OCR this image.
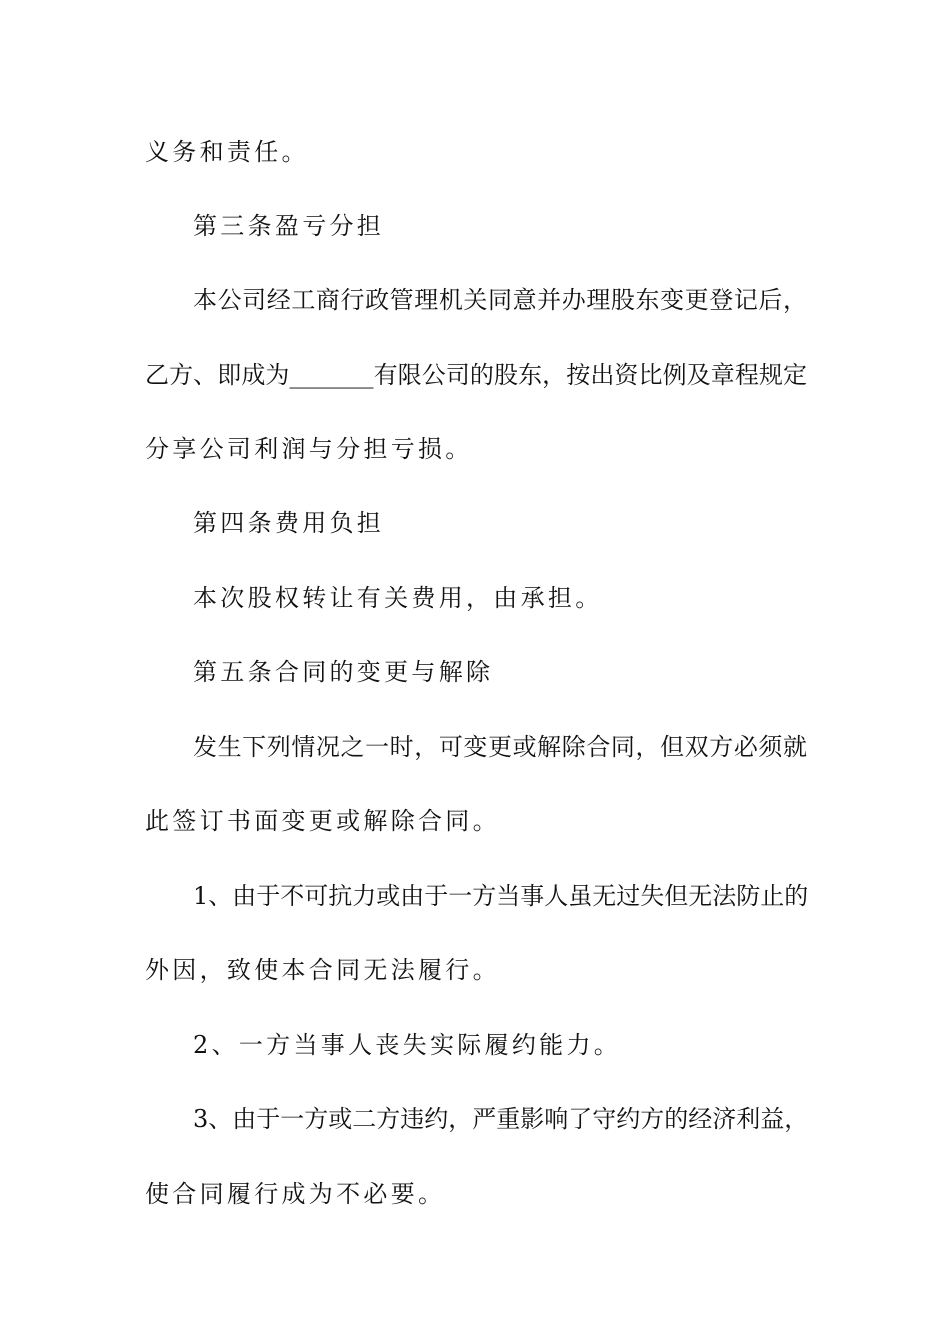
义务和责任。
第三条盈亏分担
本公司经工商行政管理机关同意并办理股东变更登记后，
乙方、即成为_______有限公司的股东，按出资比例及章程规定
分享公司利润与分担亏损。
第四条费用负担
本次股权转让有关费用，由承担。
第五条合同的变更与解除
发生下列情况之一时，可变更或解除合同，但双方必须就
此签订书面变更或解除合同。
1、由于不可抗力或由于一方当事人虽无过失但无法防止的
外因，致使本合同无法履行。
2、一方当事人丧失实际履约能力。
3、由于一方或二方违约，严重影响了守约方的经济利益，
使合同履行成为不必要。
